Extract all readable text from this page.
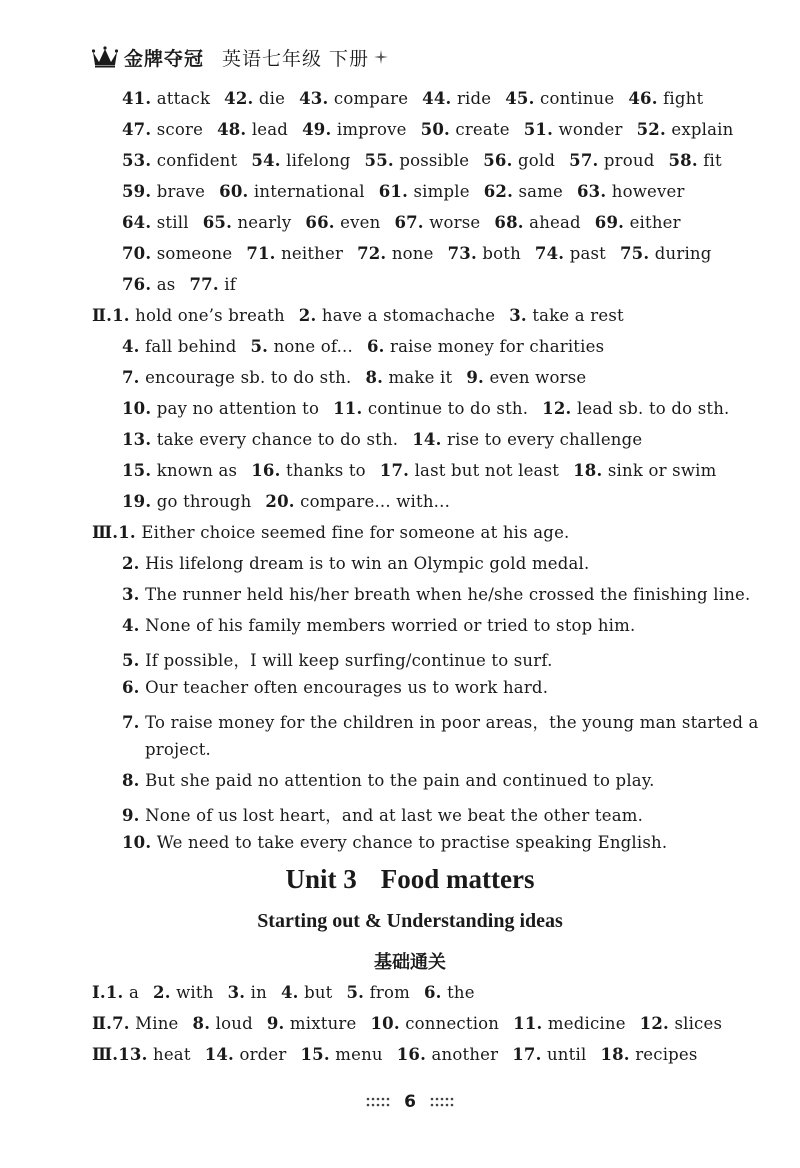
金牌夺冠 英语七年级 下册
41. attack 42. die 43. compare 44. ride 45. continue 46. fight
47. score 48. lead 49. improve 50. create 51. wonder 52. explain
53. confident 54. lifelong 55. possible 56. gold 57. proud 58. fit
59. brave 60. international 61. simple 62. same 63. however
64. still 65. nearly 66. even 67. worse 68. ahead 69. either
70. someone 71. neither 72. none 73. both 74. past 75. during
76. as 77. if
Ⅱ.1. hold one’s breath 2. have a stomachache 3. take a rest
4. fall behind 5. none of... 6. raise money for charities
7. encourage sb. to do sth. 8. make it 9. even worse
10. pay no attention to 11. continue to do sth. 12. lead sb. to do sth.
13. take every chance to do sth. 14. rise to every challenge
15. known as 16. thanks to 17. last but not least 18. sink or swim
19. go through 20. compare... with...
Ⅲ.1. Either choice seemed fine for someone at his age.
2. His lifelong dream is to win an Olympic gold medal.
3. The runner held his/her breath when he/she crossed the finishing line.
4. None of his family members worried or tried to stop him.
5. If possible，I will keep surfing/continue to surf.
6. Our teacher often encourages us to work hard.
7. To raise money for the children in poor areas，the young man started a
project.
8. But she paid no attention to the pain and continued to play.
9. None of us lost heart，and at last we beat the other team.
10. We need to take every chance to practise speaking English.
Ⅰ.1. a 2. with 3. in 4. but 5. from 6. the
Ⅱ.7. Mine 8. loud 9. mixture 10. connection 11. medicine 12. slices
Ⅲ.13. heat 14. order 15. menu 16. another 17. until 18. recipes
Unit 3 Food matters
Starting out & Understanding ideas
基础通关
6
